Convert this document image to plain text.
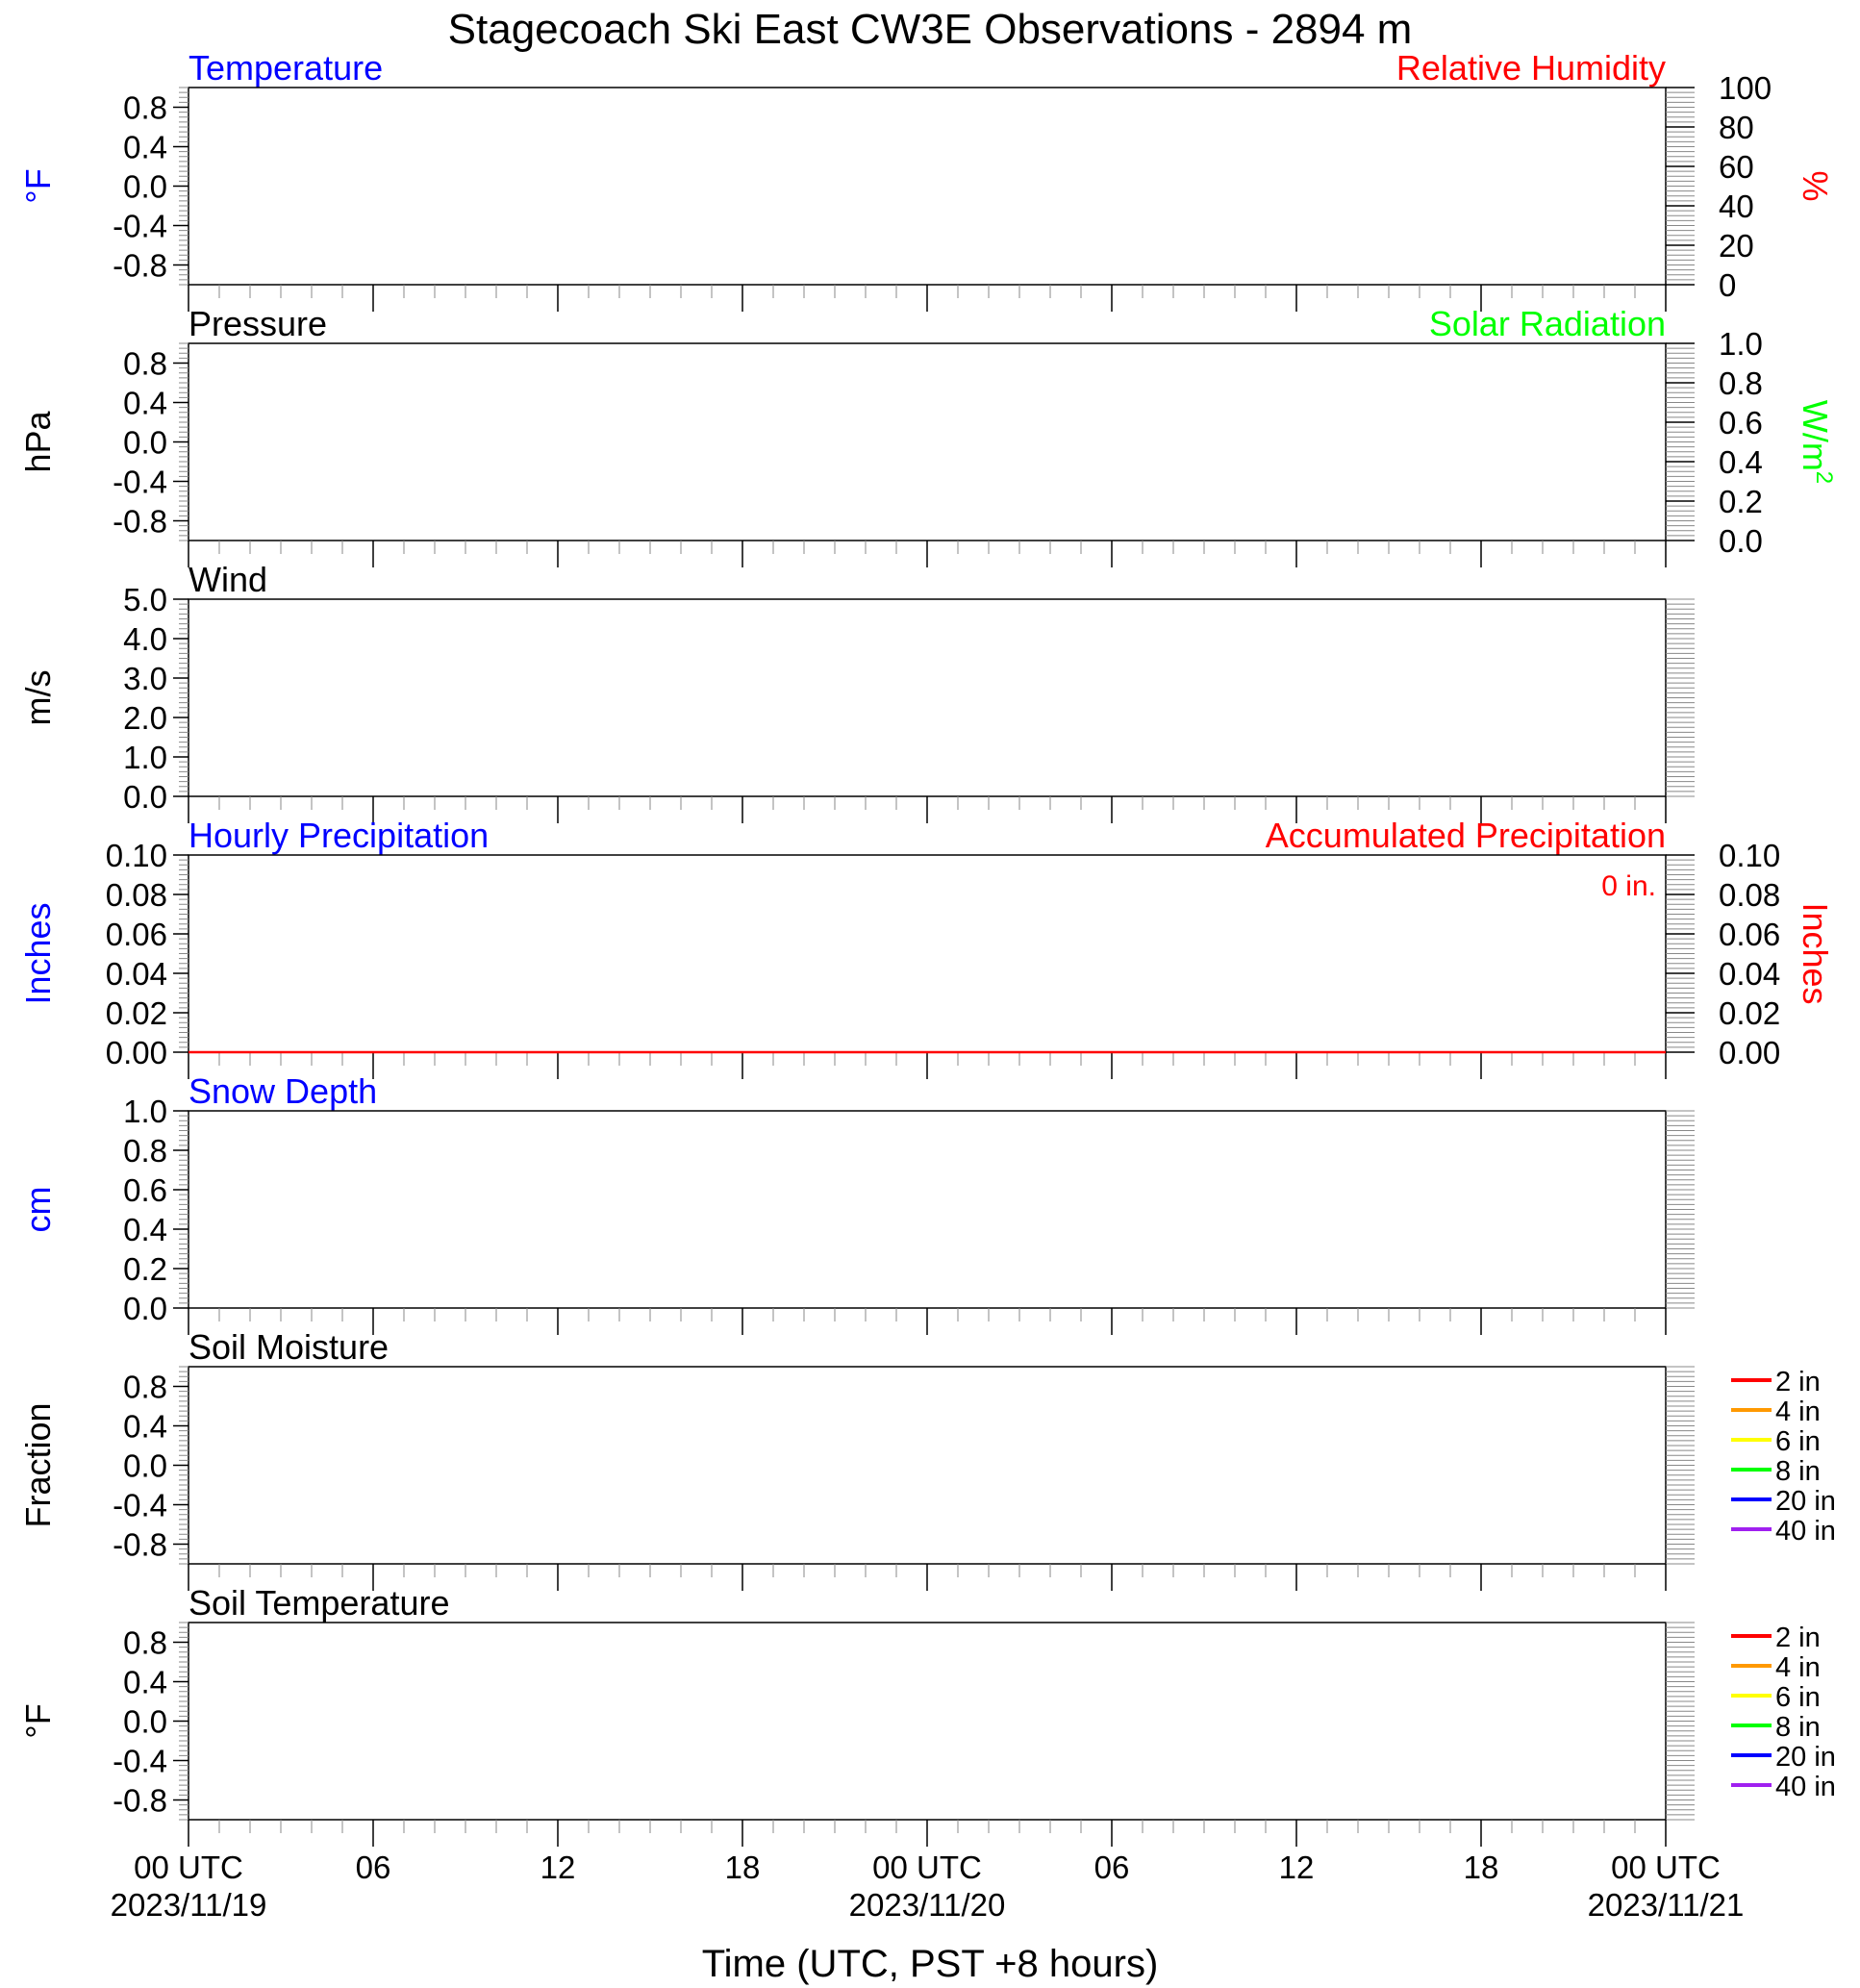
Stagecoach Ski East CW3E Observations - 2894 m
Temperature	Relative Humidity
0.8
0.4
0.0
-0.4
-0.8
°F
100
80
60
40
20
0
%
Pressure	Solar Radiation
0.8
0.4
0.0
-0.4
-0.8
hPa
1.0
0.8
0.6
0.4
0.2
0.0
$W/m^2$
Wind
5.0
4.0
3.0
2.0
1.0
0.0
m/s
Hourly Precipitation	Accumulated Precipitation
0.10
0.08
0.06
0.04
0.02
0.00
Inches
0.10
0.08
0.06
0.04
0.02
0.00
Inches
0 in.
Snow Depth
1.0
0.8
0.6
0.4
0.2
0.0
cm
Soil Moisture
0.8
0.4
0.0
-0.4
-0.8
Fraction
2 in
4 in
6 in
8 in
20 in
40 in
Soil Temperature
0.8
0.4
0.0
-0.4
-0.8
°F
2 in
4 in
6 in
8 in
20 in
40 in
00 UTC
2023/11/19
06	12	18	00 UTC
2023/11/20
06	12	18	00 UTC
2023/11/21
Time (UTC, PST +8 hours)
